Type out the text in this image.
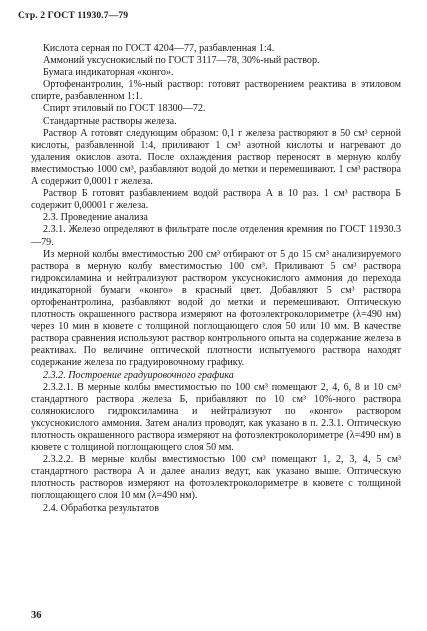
Стр. 2 ГОСТ 11930.7—79

Кислота серная по ГОСТ 4204—77, разбавленная 1:4.

Аммоний уксуснокислый по ГОСТ 3117—78, 30%-ный раствор.

Бумага индикаторная «конго».

Ортофенантролин, 1%-ный раствор: готовят растворением реактива в этиловом спирте, разбавленном 1:1.

Спирт этиловый по ГОСТ 18300—72.

Стандартные растворы железа.

Раствор А готовят следующим образом: 0,1 г железа растворяют в 50 см³ серной кислоты, разбавленной 1:4, приливают 1 см³ азотной кислоты и нагревают до удаления окислов азота. После охлаждения раствор переносят в мерную колбу вместимостью 1000 см³, разбавляют водой до метки и перемешивают. 1 см³ раствора А содержит 0,0001 г железа.

Раствор Б готовят разбавлением водой раствора А в 10 раз. 1 см³ раствора Б содержит 0,00001 г железа.

2.3. Проведение анализа

2.3.1. Железо определяют в фильтрате после отделения кремния по ГОСТ 11930.3—79.

Из мерной колбы вместимостью 200 см³ отбирают от 5 до 15 см³ анализируемого раствора в мерную колбу вместимостью 100 см³. Приливают 5 см³ раствора гидроксиламина и нейтрализуют раствором уксуснокислого аммония до перехода индикаторной бумаги «конго» в красный цвет. Добавляют 5 см³ раствора ортофенантролина, разбавляют водой до метки и перемешивают. Оптическую плотность окрашенного раствора измеряют на фотоэлектроколориметре (λ=490 нм) через 10 мин в кювете с толщиной поглощающего слоя 50 или 10 мм. В качестве раствора сравнения используют раствор контрольного опыта на содержание железа в реактивах. По величине оптической плотности испытуемого раствора находят содержание железа по градуировочному графику.

2.3.2. Построение градуировочного графика

2.3.2.1. В мерные колбы вместимостью по 100 см³ помещают 2, 4, 6, 8 и 10 см³ стандартного раствора железа Б, прибавляют по 10 см³ 10%-ного раствора солянокислого гидроксиламина и нейтрализуют по «конго» раствором уксуснокислого аммония. Затем анализ проводят, как указано в п. 2.3.1. Оптическую плотность окрашенного раствора измеряют на фотоэлектроколориметре (λ=490 нм) в кювете с толщиной поглощающего слоя 50 мм.

2.3.2.2. В мерные колбы вместимостью 100 см³ помещают 1, 2, 3, 4, 5 см³ стандартного раствора А и далее анализ ведут, как указано выше. Оптическую плотность растворов измеряют на фотоэлектроколориметре в кювете с толщиной поглощающего слоя 10 мм (λ=490 нм).

2.4. Обработка результатов

36
